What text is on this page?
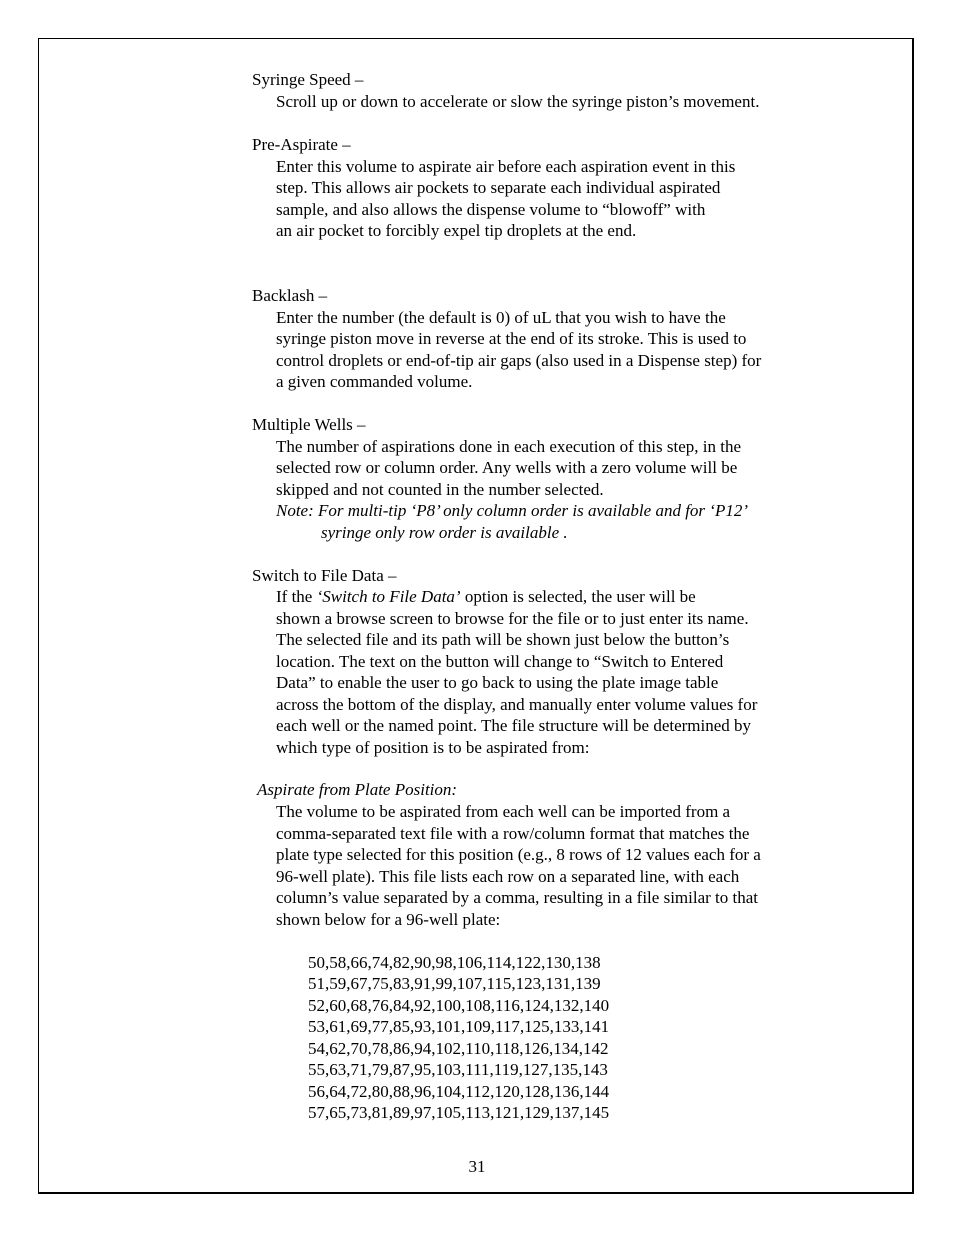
Syringe Speed –
Scroll up or down to accelerate or slow the syringe piston’s movement.
Pre-Aspirate –
Enter this volume to aspirate air before each aspiration event in this
step. This allows air pockets to separate each individual aspirated
sample, and also allows the dispense volume to “blowoff” with
an air pocket to forcibly expel tip droplets at the end.
Backlash –
Enter the number (the default is 0) of uL that you wish to have the
syringe piston move in reverse at the end of its stroke. This is used to
control droplets or end-of-tip air gaps (also used in a Dispense step) for
a given commanded volume.
Multiple Wells –
The number of aspirations done in each execution of this step, in the
selected row or column order. Any wells with a zero volume will be
skipped and not counted in the number selected.
Note: For multi-tip ‘P8’ only column order is available and for ‘P12’
syringe only row order is available .
Switch to File Data –
If the ‘Switch to File Data’ option is selected, the user will be
shown a browse screen to browse for the file or to just enter its name.
The selected file and its path will be shown just below the button’s
location. The text on the button will change to “Switch to Entered
Data” to enable the user to go back to using the plate image table
across the bottom of the display, and manually enter volume values for
each well or the named point. The file structure will be determined by
which type of position is to be aspirated from:
Aspirate from Plate Position:
The volume to be aspirated from each well can be imported from a
comma-separated text file with a row/column format that matches the
plate type selected for this position (e.g., 8 rows of 12 values each for a
96-well plate). This file lists each row on a separated line, with each
column’s value separated by a comma, resulting in a file similar to that
shown below for a 96-well plate:
50,58,66,74,82,90,98,106,114,122,130,138
51,59,67,75,83,91,99,107,115,123,131,139
52,60,68,76,84,92,100,108,116,124,132,140
53,61,69,77,85,93,101,109,117,125,133,141
54,62,70,78,86,94,102,110,118,126,134,142
55,63,71,79,87,95,103,111,119,127,135,143
56,64,72,80,88,96,104,112,120,128,136,144
57,65,73,81,89,97,105,113,121,129,137,145
31
